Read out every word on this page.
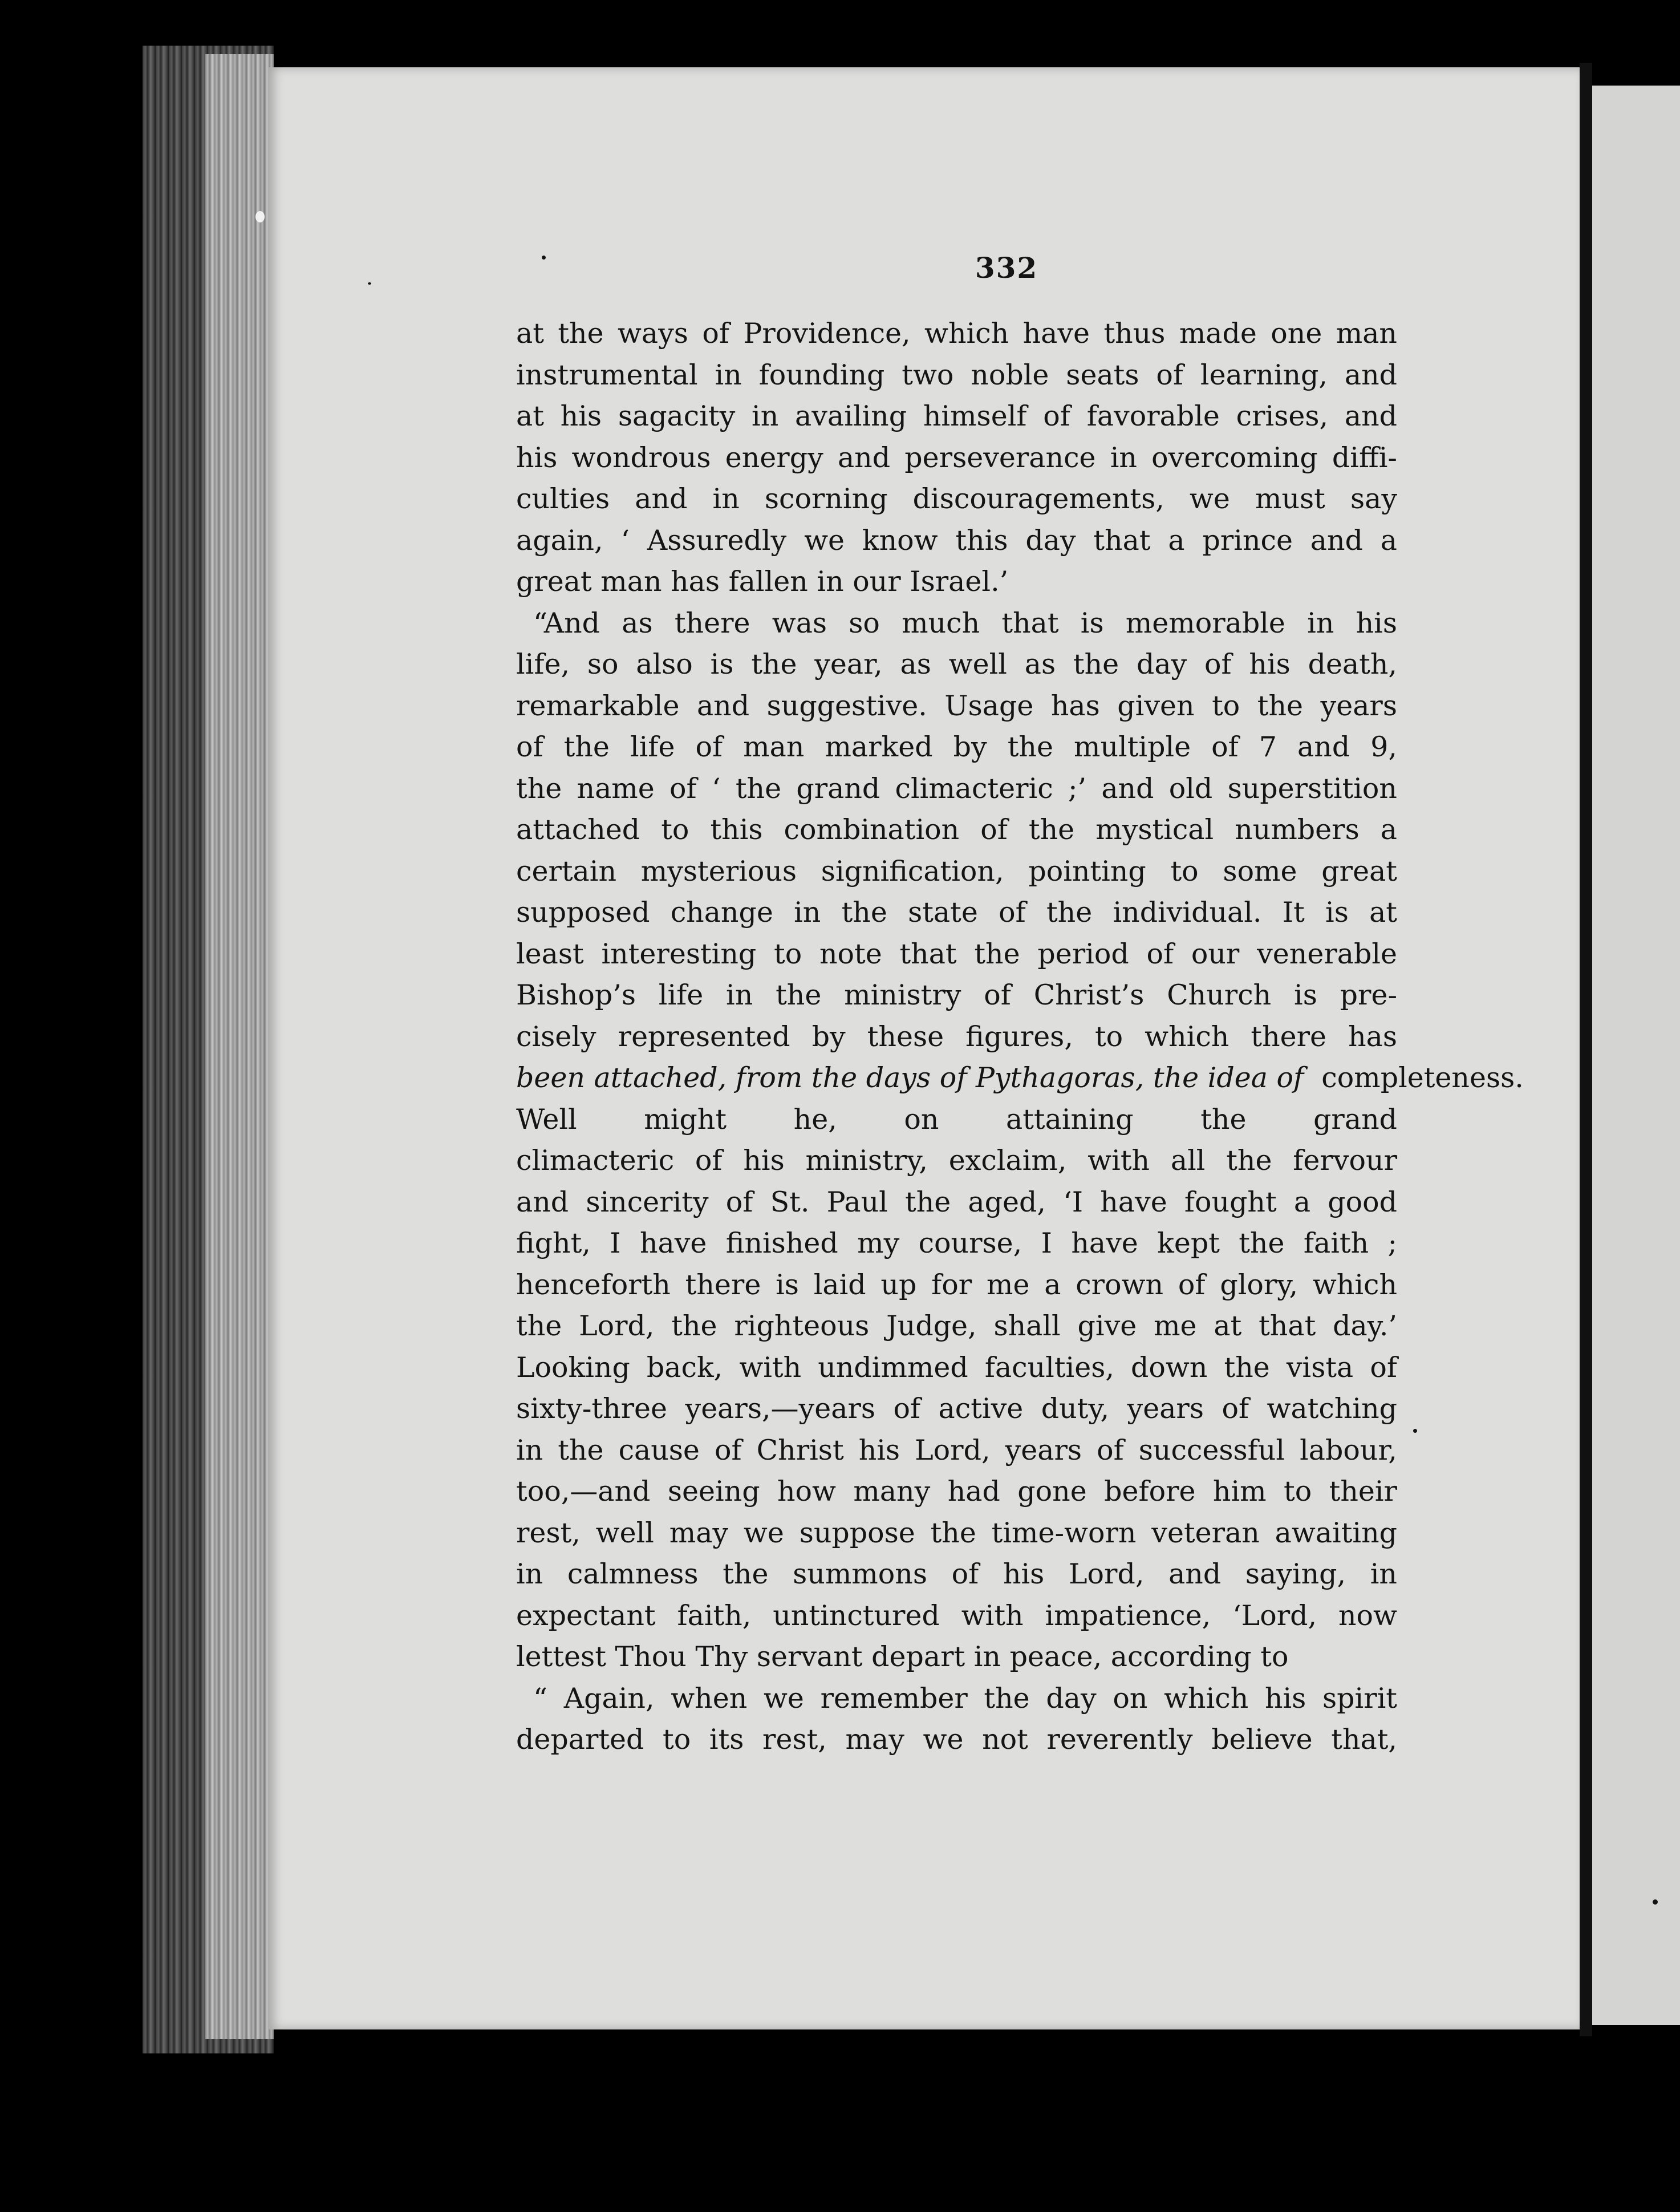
332
at the ways of Providence, which have thus made one man
instrumental in founding two noble seats of learning, and
at his sagacity in availing himself of favorable crises, and
his wondrous energy and perseverance in overcoming diffi-
culties and in scorning discouragements, we must say
again, ‘ Assuredly we know this day that a prince and a
great man has fallen in our Israel.’
“And as there was so much that is memorable in his
life, so also is the year, as well as the day of his death,
remarkable and suggestive. Usage has given to the years
of the life of man marked by the multiple of 7 and 9,
the name of ‘ the grand climacteric ;’ and old superstition
attached to this combination of the mystical numbers a
certain mysterious signification, pointing to some great
supposed change in the state of the individual. It is at
least interesting to note that the period of our venerable
Bishop’s life in the ministry of Christ’s Church is pre-
cisely represented by these figures, to which there has
been attached, from the days of Pythagoras, the idea of completeness.
Well might he, on attaining the grand
climacteric of his ministry, exclaim, with all the fervour
and sincerity of St. Paul the aged, ‘I have fought a good
fight, I have finished my course, I have kept the faith ;
henceforth there is laid up for me a crown of glory, which
the Lord, the righteous Judge, shall give me at that day.’
Looking back, with undimmed faculties, down the vista of
sixty-three years,—years of active duty, years of watching
in the cause of Christ his Lord, years of successful labour,
too,—and seeing how many had gone before him to their
rest, well may we suppose the time-worn veteran awaiting
in calmness the summons of his Lord, and saying, in
expectant faith, untinctured with impatience, ‘Lord, now
lettest Thou Thy servant depart in peace, according to
“ Again, when we remember the day on which his spirit
departed to its rest, may we not reverently believe that,
